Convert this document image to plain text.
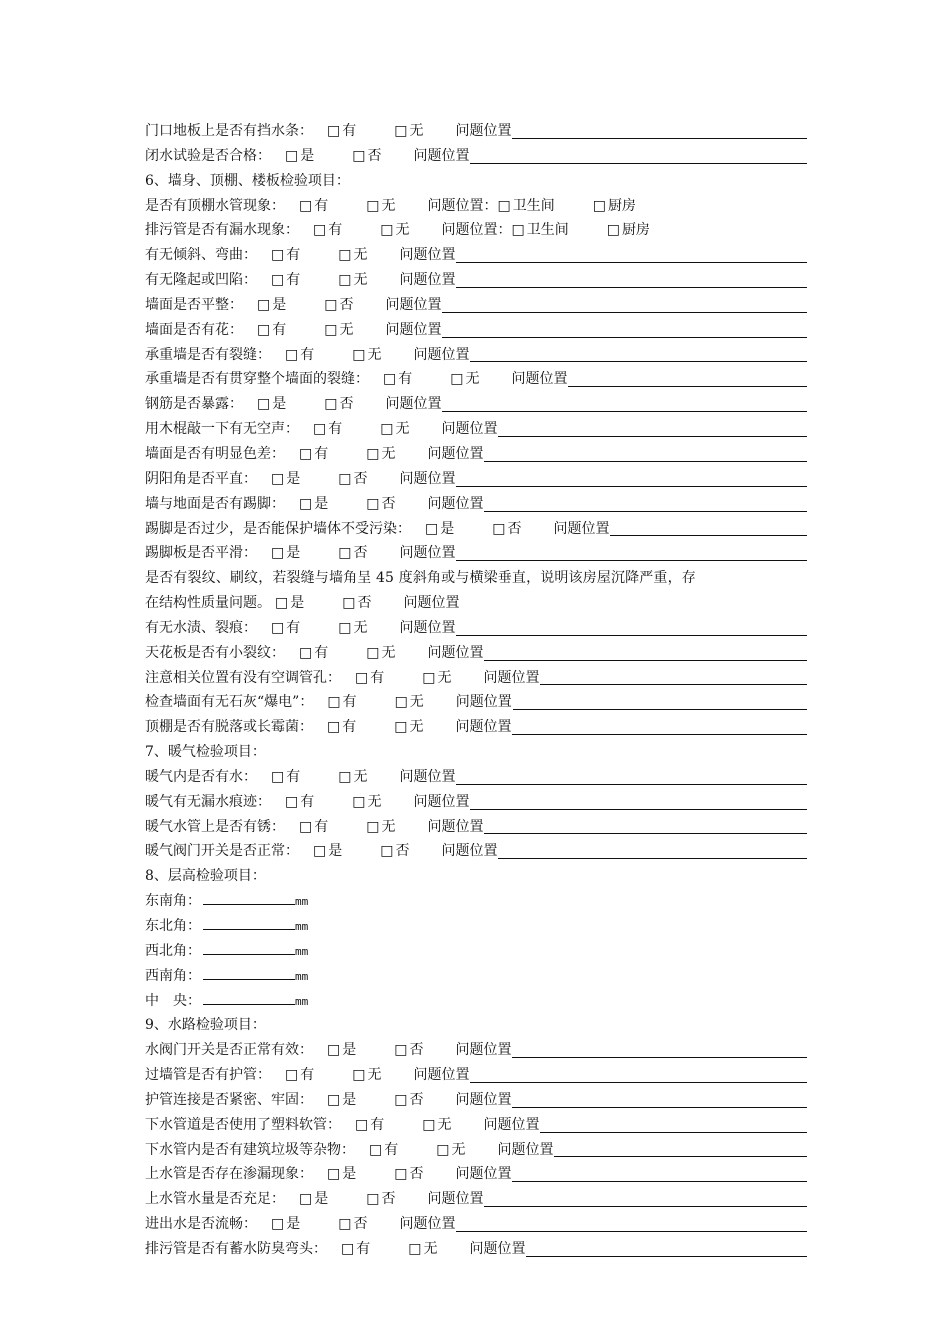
门口地板上是否有挡水条： □ 有	□ 无 问题位置
闭水试验是否合格： □ 是	□ 否 问题位置
6、墙身、顶棚、楼板检验项目：
是否有顶棚水管现象： □ 有	□ 无 问题位置： □ 卫生间	□ 厨房
排污管是否有漏水现象： □ 有	□ 无 问题位置： □ 卫生间	□ 厨房
有无倾斜、弯曲： □ 有	□ 无 问题位置
有无隆起或凹陷： □ 有	□ 无 问题位置
墙面是否平整： □ 是	□ 否 问题位置
墙面是否有花： □ 有	□ 无 问题位置
承重墙是否有裂缝： □ 有	□ 无 问题位置
承重墙是否有贯穿整个墙面的裂缝： □ 有	□ 无 问题位置
钢筋是否暴露： □ 是	□ 否 问题位置
用木棍敲一下有无空声： □ 有	□ 无 问题位置
墙面是否有明显色差： □ 有	□ 无 问题位置
阴阳角是否平直： □ 是	□ 否 问题位置
墙与地面是否有踢脚： □ 是	□ 否 问题位置
踢脚是否过少，是否能保护墙体不受污染： □ 是	□ 否 问题位置
踢脚板是否平滑： □ 是	□ 否 问题位置
是否有裂纹、刷纹，若裂缝与墙角呈 45 度斜角或与横梁垂直，说明该房屋沉降严重，存
在结构性质量问题。 □ 是	□ 否 问题位置
有无水渍、裂痕： □ 有	□ 无 问题位置
天花板是否有小裂纹： □ 有	□ 无 问题位置
注意相关位置有没有空调管孔： □ 有	□ 无 问题位置
检查墙面有无石灰“爆电”： □ 有	□ 无 问题位置
顶棚是否有脱落或长霉菌： □ 有	□ 无 问题位置
7、暖气检验项目：
暖气内是否有水： □ 有	□ 无 问题位置
暖气有无漏水痕迹： □ 有	□ 无 问题位置
暖气水管上是否有锈： □ 有	□ 无 问题位置
暖气阀门开关是否正常： □ 是	□ 否 问题位置
8、层高检验项目：
东南角：	mm
东北角：	mm
西北角：	mm
西南角：	mm
中　央：	mm
9、水路检验项目：
水阀门开关是否正常有效： □ 是	□ 否 问题位置
过墙管是否有护管： □ 有	□ 无 问题位置
护管连接是否紧密、牢固： □ 是	□ 否 问题位置
下水管道是否使用了塑料软管： □ 有	□ 无 问题位置
下水管内是否有建筑垃圾等杂物： □ 有	□ 无 问题位置
上水管是否存在渗漏现象： □ 是	□ 否 问题位置
上水管水量是否充足： □ 是	□ 否 问题位置
进出水是否流畅： □ 是	□ 否 问题位置
排污管是否有蓄水防臭弯头： □ 有	□ 无 问题位置
